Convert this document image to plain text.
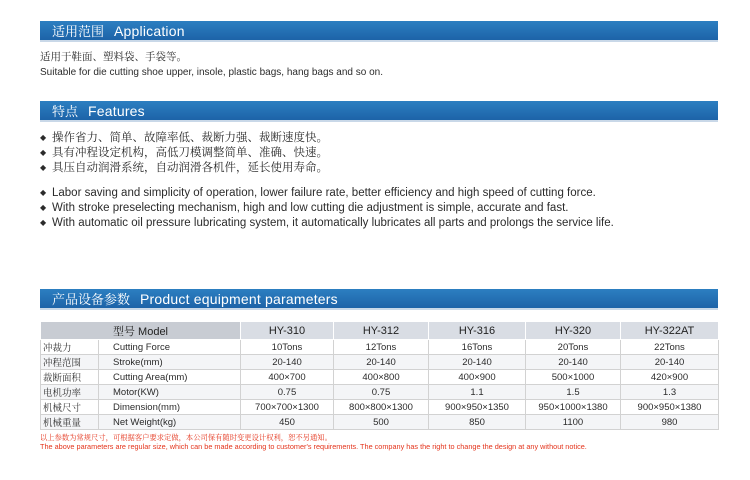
适用范围 Application
适用于鞋面、塑料袋、手袋等。
Suitable for die cutting shoe upper, insole, plastic bags, hang bags and so on.
特点 Features
◆ 操作省力、简单、故障率低、裁断力强、裁断速度快。
◆ 具有冲程设定机构，高低刀模调整简单、准确、快速。
◆ 具压自动润滑系统，自动润滑各机件，延长使用寿命。
◆ Labor saving and simplicity of operation, lower failure rate, better efficiency and high speed of cutting force.
◆ With stroke preselecting mechanism, high and low cutting die adjustment is simple, accurate and fast.
◆ With automatic oil pressure lubricating system, it automatically lubricates all parts and prolongs the service life.
产品设备参数 Product equipment parameters
型号 Model		HY-310	HY-312	HY-316	HY-320	HY-322AT
冲裁力	Cutting Force	10Tons	12Tons	16Tons	20Tons	22Tons
冲程范围	Stroke(mm)	20-140	20-140	20-140	20-140	20-140
裁断面积	Cutting Area(mm)	400×700	400×800	400×900	500×1000	420×900
电机功率	Motor(KW)	0.75	0.75	1.1	1.5	1.3
机械尺寸	Dimension(mm)	700×700×1300	800×800×1300	900×950×1350	950×1000×1380	900×950×1380
机械重量	Net Weight(kg)	450	500	850	1100	980
以上参数为常规尺寸，可根据客户要求定做，本公司保有随时变更设计权利，恕不另通知。
The above parameters are regular size, which can be made according to customer's requirements. The company has the right to change the design at any without notice.
